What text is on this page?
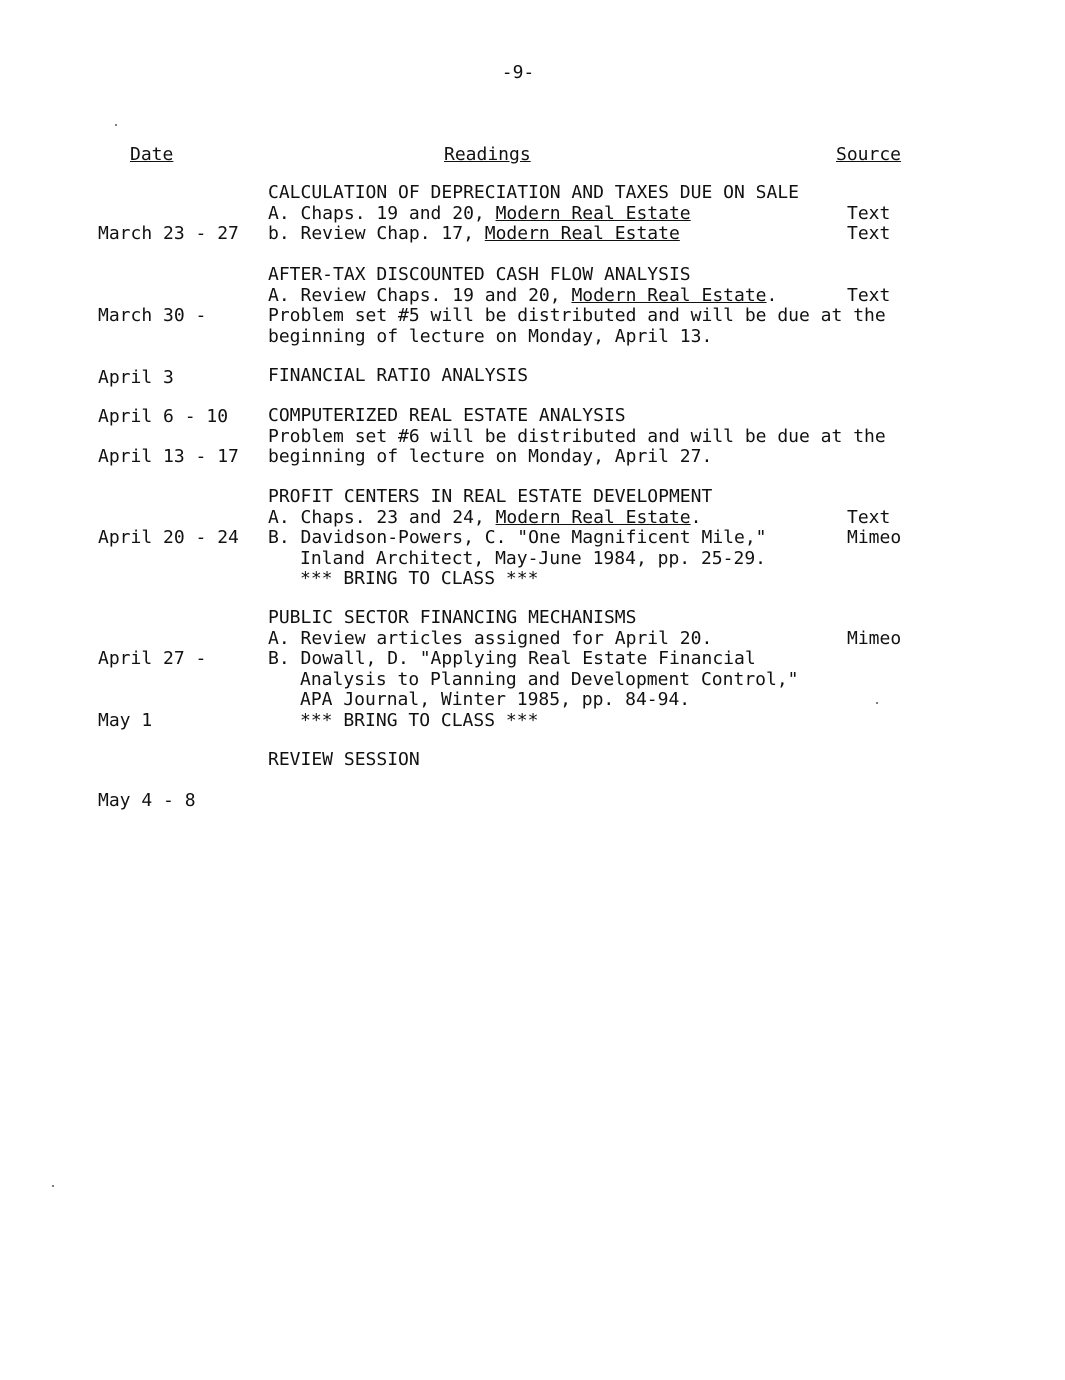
-9-
Date	Readings	Source

March 23 - 27

CALCULATION OF DEPRECIATION AND TAXES DUE ON SALE
A. Chaps. 19 and 20, Modern Real Estate
b. Review Chap. 17, Modern Real Estate
Text
Text

March 30 -

April 3

AFTER-TAX DISCOUNTED CASH FLOW ANALYSIS
A. Review Chaps. 19 and 20, Modern Real Estate.
Problem set #5 will be distributed and will be due at the
beginning of lecture on Monday, April 13.
Text

April 6 - 10

FINANCIAL RATIO ANALYSIS

April 13 - 17

COMPUTERIZED REAL ESTATE ANALYSIS
Problem set #6 will be distributed and will be due at the
beginning of lecture on Monday, April 27.

April 20 - 24

PROFIT CENTERS IN REAL ESTATE DEVELOPMENT
A. Chaps. 23 and 24, Modern Real Estate.
B. Davidson-Powers, C. "One Magnificent Mile,"
Inland Architect, May-June 1984, pp. 25-29.
*** BRING TO CLASS ***
Text
Mimeo

April 27 -

May 1

PUBLIC SECTOR FINANCING MECHANISMS
A. Review articles assigned for April 20.
B. Dowall, D. "Applying Real Estate Financial
Analysis to Planning and Development Control,"
APA Journal, Winter 1985, pp. 84-94.
*** BRING TO CLASS ***
Mimeo

May 4 - 8

REVIEW SESSION
